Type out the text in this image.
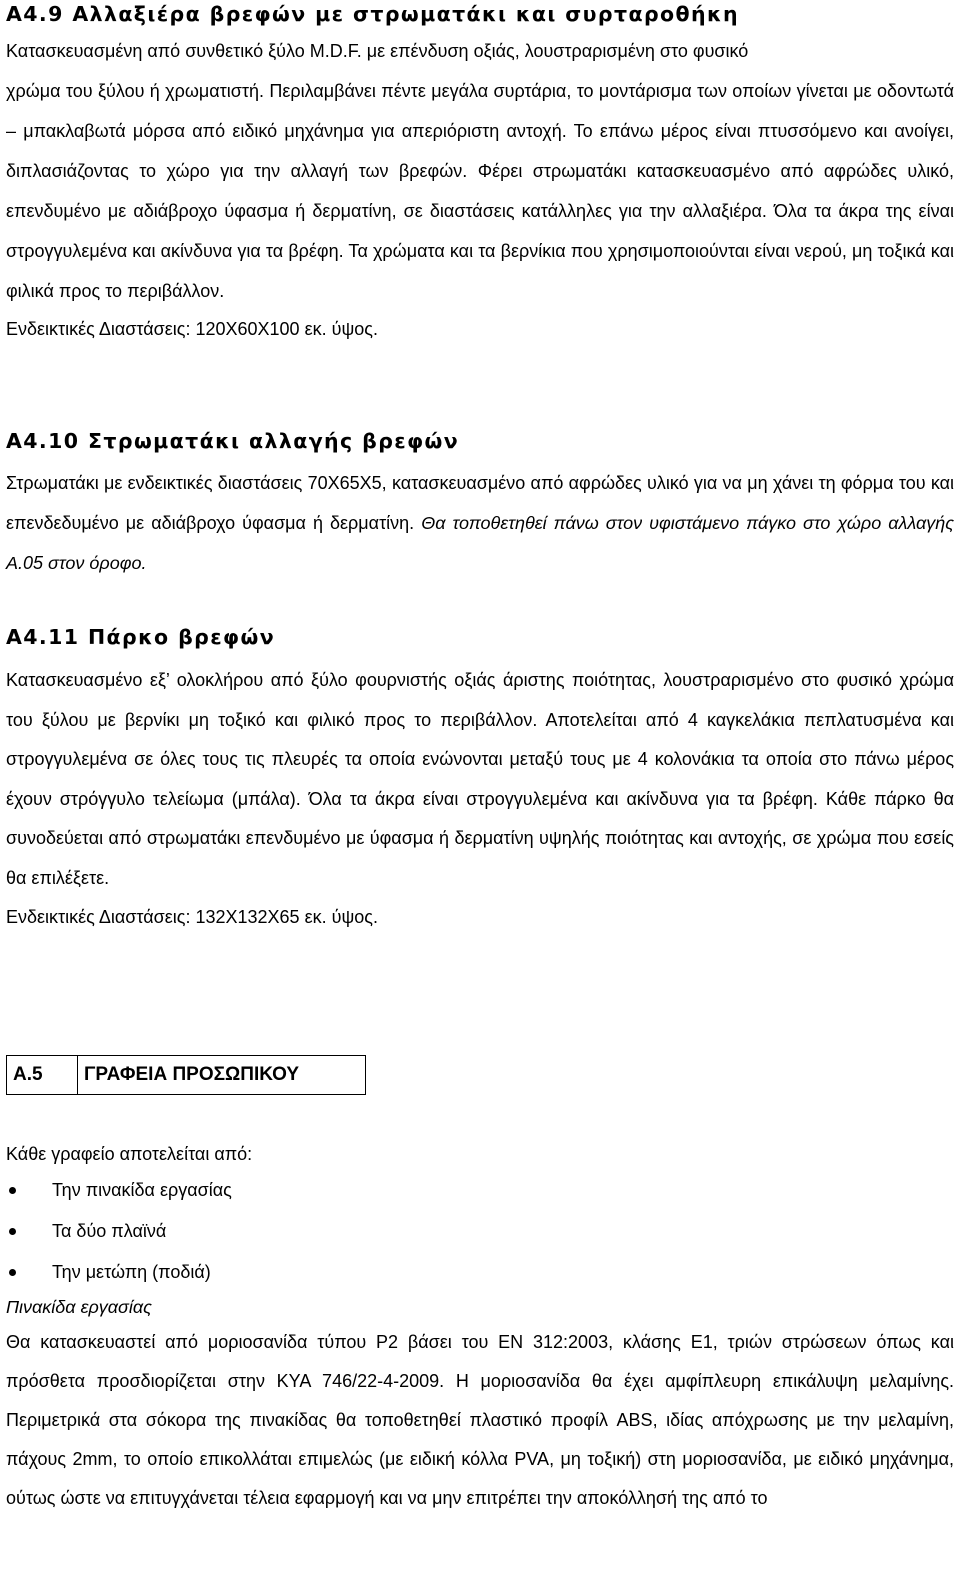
Α4.9 Αλλαξιέρα βρεφών με στρωματάκι και συρταροθήκη

Κατασκευασμένη από συνθετικό ξύλο M.D.F. με επένδυση οξιάς, λουστραρισμένη στο φυσικό

χρώμα του ξύλου ή χρωματιστή. Περιλαμβάνει πέντε μεγάλα συρτάρια, το μοντάρισμα των οποίων γίνεται με οδοντωτά – μπακλαβωτά μόρσα από ειδικό μηχάνημα για απεριόριστη αντοχή. Το επάνω μέρος είναι πτυσσόμενο και ανοίγει, διπλασιάζοντας το χώρο για την αλλαγή των βρεφών. Φέρει στρωματάκι κατασκευασμένο από αφρώδες υλικό, επενδυμένο με αδιάβροχο ύφασμα ή δερματίνη, σε διαστάσεις κατάλληλες για την αλλαξιέρα. Όλα τα άκρα της είναι στρογγυλεμένα και ακίνδυνα για τα βρέφη. Τα χρώματα και τα βερνίκια που χρησιμοποιούνται είναι νερού, μη τοξικά και φιλικά προς το περιβάλλον.

Ενδεικτικές Διαστάσεις: 120Χ60Χ100 εκ. ύψος.

Α4.10 Στρωματάκι αλλαγής βρεφών

Στρωματάκι με ενδεικτικές διαστάσεις 70Χ65Χ5, κατασκευασμένο από αφρώδες υλικό για να μη χάνει τη φόρμα του και επενδεδυμένο με αδιάβροχο ύφασμα ή δερματίνη. Θα τοποθετηθεί πάνω στον υφιστάμενο πάγκο στο χώρο αλλαγής Α.05 στον όροφο.

Α4.11 Πάρκο βρεφών

Κατασκευασμένο εξ’ ολοκλήρου από ξύλο φουρνιστής οξιάς άριστης ποιότητας, λουστραρισμένο στο φυσικό χρώμα του ξύλου με βερνίκι μη τοξικό και φιλικό προς το περιβάλλον. Αποτελείται από 4 καγκελάκια πεπλατυσμένα και στρογγυλεμένα σε όλες τους τις πλευρές τα οποία ενώνονται μεταξύ τους με 4 κολονάκια τα οποία στο πάνω μέρος έχουν στρόγγυλο τελείωμα (μπάλα). Όλα τα άκρα είναι στρογγυλεμένα και ακίνδυνα για τα βρέφη. Κάθε πάρκο θα συνοδεύεται από στρωματάκι επενδυμένο με ύφασμα ή δερματίνη υψηλής ποιότητας και αντοχής, σε χρώμα που εσείς θα επιλέξετε.

Ενδεικτικές Διαστάσεις: 132Χ132Χ65 εκ. ύψος.

Α.5	ΓΡΑΦΕΙΑ ΠΡΟΣΩΠΙΚΟΥ

Κάθε γραφείο αποτελείται από:

Την πινακίδα εργασίας
Τα δύο πλαϊνά
Την μετώπη (ποδιά)

Πινακίδα εργασίας

Θα κατασκευαστεί από μοριοσανίδα τύπου P2 βάσει του EN 312:2003, κλάσης E1, τριών στρώσεων όπως και πρόσθετα προσδιορίζεται στην ΚΥΑ 746/22-4-2009. Η μοριοσανίδα θα έχει αμφίπλευρη επικάλυψη μελαμίνης. Περιμετρικά στα σόκορα της πινακίδας θα τοποθετηθεί πλαστικό προφίλ ABS, ιδίας απόχρωσης με την μελαμίνη, πάχους 2mm, το οποίο επικολλάται επιμελώς (με ειδική κόλλα PVA, μη τοξική) στη μοριοσανίδα, με ειδικό μηχάνημα, ούτως ώστε να επιτυγχάνεται τέλεια εφαρμογή και να μην επιτρέπει την αποκόλλησή της από το
